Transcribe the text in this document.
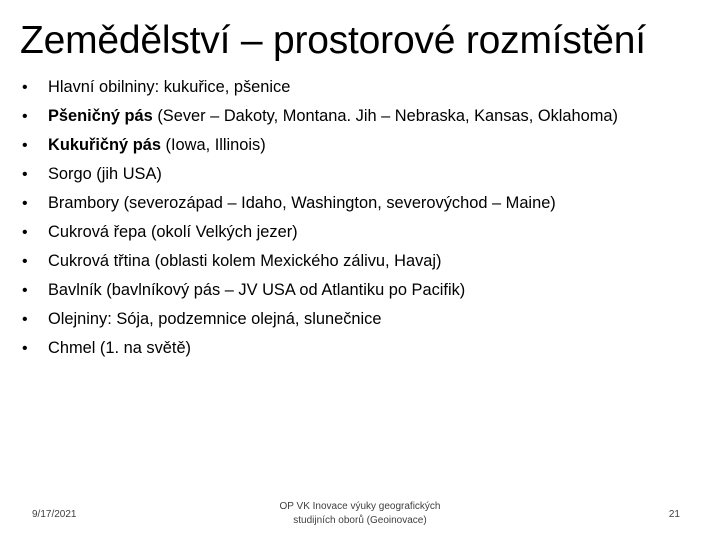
Zemědělství – prostorové rozmístění
•	Hlavní obilniny: kukuřice, pšenice
•	Pšeničný pás (Sever – Dakoty, Montana. Jih – Nebraska, Kansas, Oklahoma)
•	Kukuřičný pás (Iowa, Illinois)
•	Sorgo (jih USA)
•	Brambory (severozápad – Idaho, Washington, severovýchod – Maine)
•	Cukrová řepa (okolí Velkých jezer)
•	Cukrová třtina (oblasti kolem Mexického zálivu, Havaj)
•	Bavlník (bavlníkový pás – JV USA od Atlantiku po Pacifik)
•	Olejniny: Sója, podzemnice olejná, slunečnice
•	Chmel (1. na světě)
9/17/2021
OP VK Inovace výuky geografických
studijních oborů (Geoinovace)
21
